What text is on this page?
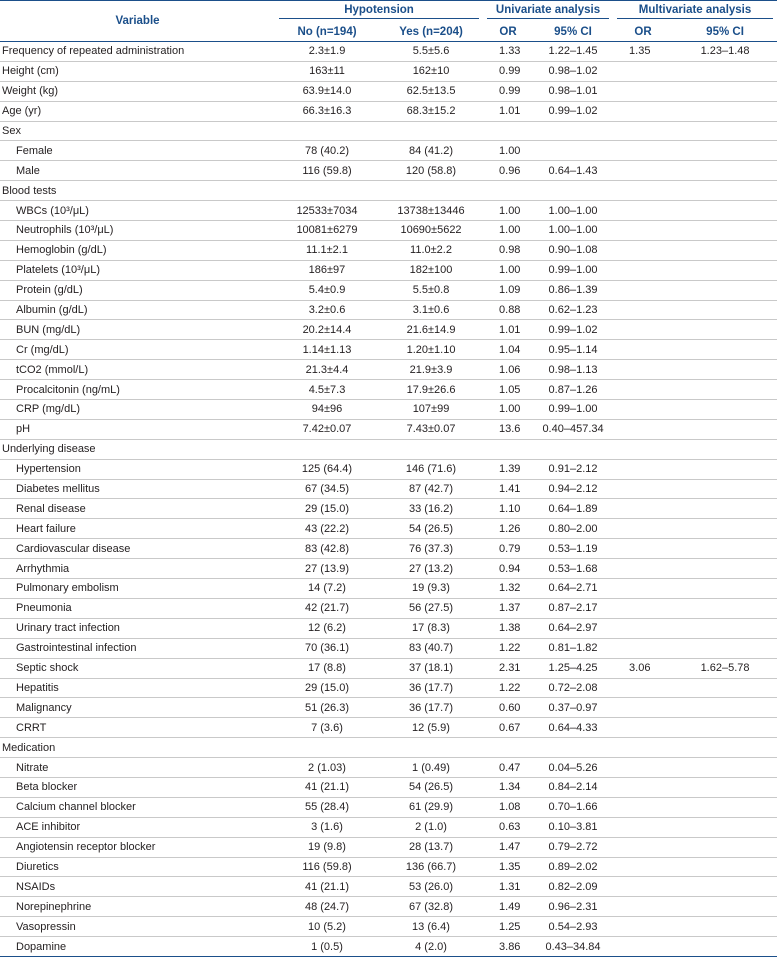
Variable	Hypotension		Univariate analysis		Multivariate analysis	

	No (n=194)	Yes (n=204)	OR	95% CI	OR	95% CI
Frequency of repeated administration	2.3±1.9	5.5±5.6	1.33	1.22–1.45	1.35	1.23–1.48
Height (cm)	163±11	162±10	0.99	0.98–1.02		
Weight (kg)	63.9±14.0	62.5±13.5	0.99	0.98–1.01		
Age (yr)	66.3±16.3	68.3±15.2	1.01	0.99–1.02		
Sex						
Female	78 (40.2)	84 (41.2)	1.00			
Male	116 (59.8)	120 (58.8)	0.96	0.64–1.43		
Blood tests						
WBCs (10³/μL)	12533±7034	13738±13446	1.00	1.00–1.00		
Neutrophils (10³/μL)	10081±6279	10690±5622	1.00	1.00–1.00		
Hemoglobin (g/dL)	11.1±2.1	11.0±2.2	0.98	0.90–1.08		
Platelets (10³/μL)	186±97	182±100	1.00	0.99–1.00		
Protein (g/dL)	5.4±0.9	5.5±0.8	1.09	0.86–1.39		
Albumin (g/dL)	3.2±0.6	3.1±0.6	0.88	0.62–1.23		
BUN (mg/dL)	20.2±14.4	21.6±14.9	1.01	0.99–1.02		
Cr (mg/dL)	1.14±1.13	1.20±1.10	1.04	0.95–1.14		
tCO2 (mmol/L)	21.3±4.4	21.9±3.9	1.06	0.98–1.13		
Procalcitonin (ng/mL)	4.5±7.3	17.9±26.6	1.05	0.87–1.26		
CRP (mg/dL)	94±96	107±99	1.00	0.99–1.00		
pH	7.42±0.07	7.43±0.07	13.6	0.40–457.34		
Underlying disease						
Hypertension	125 (64.4)	146 (71.6)	1.39	0.91–2.12		
Diabetes mellitus	67 (34.5)	87 (42.7)	1.41	0.94–2.12		
Renal disease	29 (15.0)	33 (16.2)	1.10	0.64–1.89		
Heart failure	43 (22.2)	54 (26.5)	1.26	0.80–2.00		
Cardiovascular disease	83 (42.8)	76 (37.3)	0.79	0.53–1.19		
Arrhythmia	27 (13.9)	27 (13.2)	0.94	0.53–1.68		
Pulmonary embolism	14 (7.2)	19 (9.3)	1.32	0.64–2.71		
Pneumonia	42 (21.7)	56 (27.5)	1.37	0.87–2.17		
Urinary tract infection	12 (6.2)	17 (8.3)	1.38	0.64–2.97		
Gastrointestinal infection	70 (36.1)	83 (40.7)	1.22	0.81–1.82		
Septic shock	17 (8.8)	37 (18.1)	2.31	1.25–4.25	3.06	1.62–5.78
Hepatitis	29 (15.0)	36 (17.7)	1.22	0.72–2.08		
Malignancy	51 (26.3)	36 (17.7)	0.60	0.37–0.97		
CRRT	7 (3.6)	12 (5.9)	0.67	0.64–4.33		
Medication						
Nitrate	2 (1.03)	1 (0.49)	0.47	0.04–5.26		
Beta blocker	41 (21.1)	54 (26.5)	1.34	0.84–2.14		
Calcium channel blocker	55 (28.4)	61 (29.9)	1.08	0.70–1.66		
ACE inhibitor	3 (1.6)	2 (1.0)	0.63	0.10–3.81		
Angiotensin receptor blocker	19 (9.8)	28 (13.7)	1.47	0.79–2.72		
Diuretics	116 (59.8)	136 (66.7)	1.35	0.89–2.02		
NSAIDs	41 (21.1)	53 (26.0)	1.31	0.82–2.09		
Norepinephrine	48 (24.7)	67 (32.8)	1.49	0.96–2.31		
Vasopressin	10 (5.2)	13 (6.4)	1.25	0.54–2.93		
Dopamine	1 (0.5)	4 (2.0)	3.86	0.43–34.84		
